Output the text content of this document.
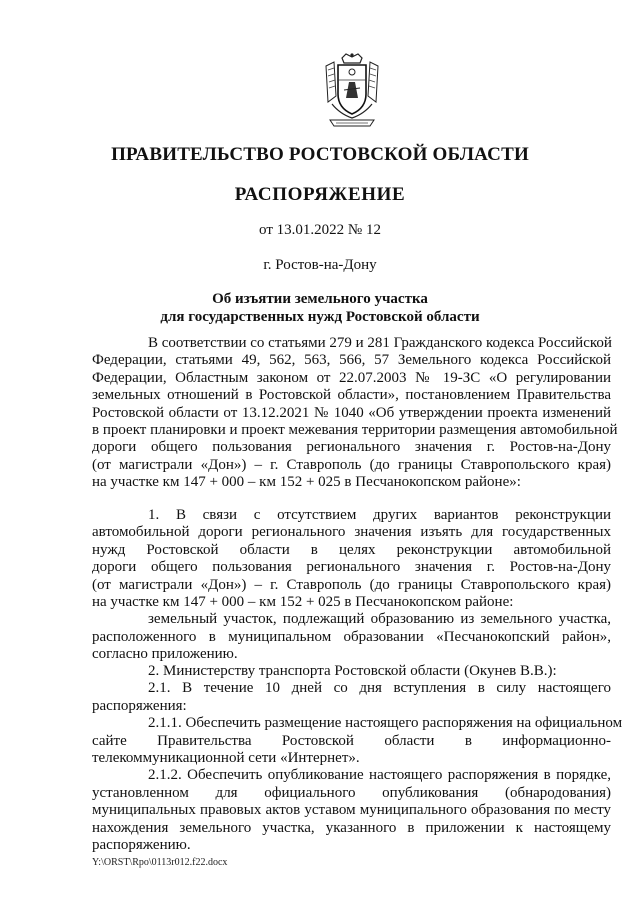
ПРАВИТЕЛЬСТВО РОСТОВСКОЙ ОБЛАСТИ
РАСПОРЯЖЕНИЕ
от 13.01.2022 № 12
г. Ростов-на-Дону
Об изъятии земельного участка
для государственных нужд Ростовской области
В соответствии со статьями 279 и 281 Гражданского кодекса Российской
Федерации, статьями 49, 562, 563, 566, 57 Земельного кодекса Российской
Федерации, Областным законом от 22.07.2003 № 19-ЗС «О регулировании
земельных отношений в Ростовской области», постановлением Правительства
Ростовской области от 13.12.2021 № 1040 «Об утверждении проекта изменений
в проект планировки и проект межевания территории размещения автомобильной
дороги общего пользования регионального значения г. Ростов-на-Дону
(от магистрали «Дон») – г. Ставрополь (до границы Ставропольского края)
на участке км 147 + 000 – км 152 + 025 в Песчанокопском районе»:
1. В связи с отсутствием других вариантов реконструкции
автомобильной дороги регионального значения изъять для государственных
нужд Ростовской области в целях реконструкции автомобильной
дороги общего пользования регионального значения г. Ростов-на-Дону
(от магистрали «Дон») – г. Ставрополь (до границы Ставропольского края)
на участке км 147 + 000 – км 152 + 025 в Песчанокопском районе:
земельный участок, подлежащий образованию из земельного участка,
расположенного в муниципальном образовании «Песчанокопский район»,
согласно приложению.
2. Министерству транспорта Ростовской области (Окунев В.В.):
2.1. В течение 10 дней со дня вступления в силу настоящего
распоряжения:
2.1.1. Обеспечить размещение настоящего распоряжения на официальном
сайте Правительства Ростовской области в информационно-
телекоммуникационной сети «Интернет».
2.1.2. Обеспечить опубликование настоящего распоряжения в порядке,
установленном для официального опубликования (обнародования)
муниципальных правовых актов уставом муниципального образования по месту
нахождения земельного участка, указанного в приложении к настоящему
распоряжению.
Y:\ORST\Rpo\0113r012.f22.docx
